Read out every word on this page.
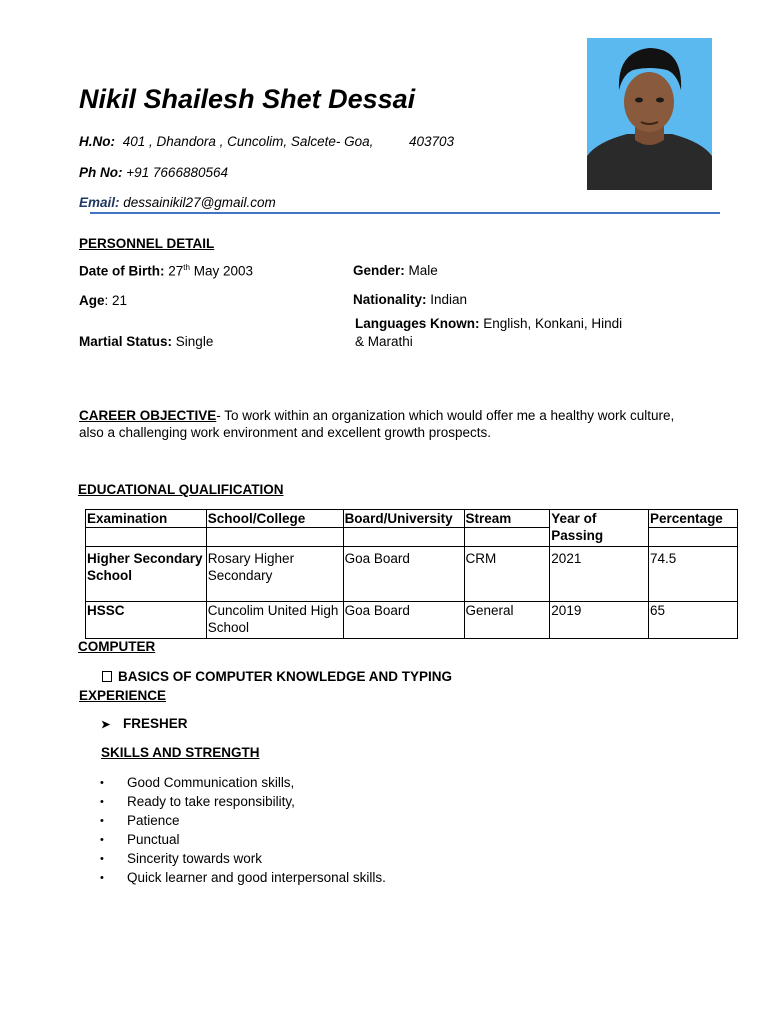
Nikil Shailesh Shet Dessai
H.No: 401 , Dhandora , Cuncolim, Salcete- Goa,	403703
Ph No: +91 7666880564
Email: dessainikil27@gmail.com
PERSONNEL DETAIL
Date of Birth: 27th May 2003	Gender: Male
Age: 21	Nationality: Indian
Languages Known: English, Konkani, Hindi
& Marathi
Martial Status: Single
CAREER OBJECTIVE- To work within an organization which would offer me a healthy work culture,
also a challenging work environment and excellent growth prospects.
EDUCATIONAL QUALIFICATION
Examination	School/College	Board/University	Stream	Year of Passing	Percentage

Higher Secondary School	Rosary Higher Secondary	Goa Board	CRM	2021	74.5
HSSC	Cuncolim United High School	Goa Board	General	2019	65
COMPUTER
BASICS OF COMPUTER KNOWLEDGE AND TYPING
EXPERIENCE
➤ FRESHER
SKILLS AND STRENGTH
•	Good Communication skills,
•	Ready to take responsibility,
•	Patience
•	Punctual
•	Sincerity towards work
•	Quick learner and good interpersonal skills.
